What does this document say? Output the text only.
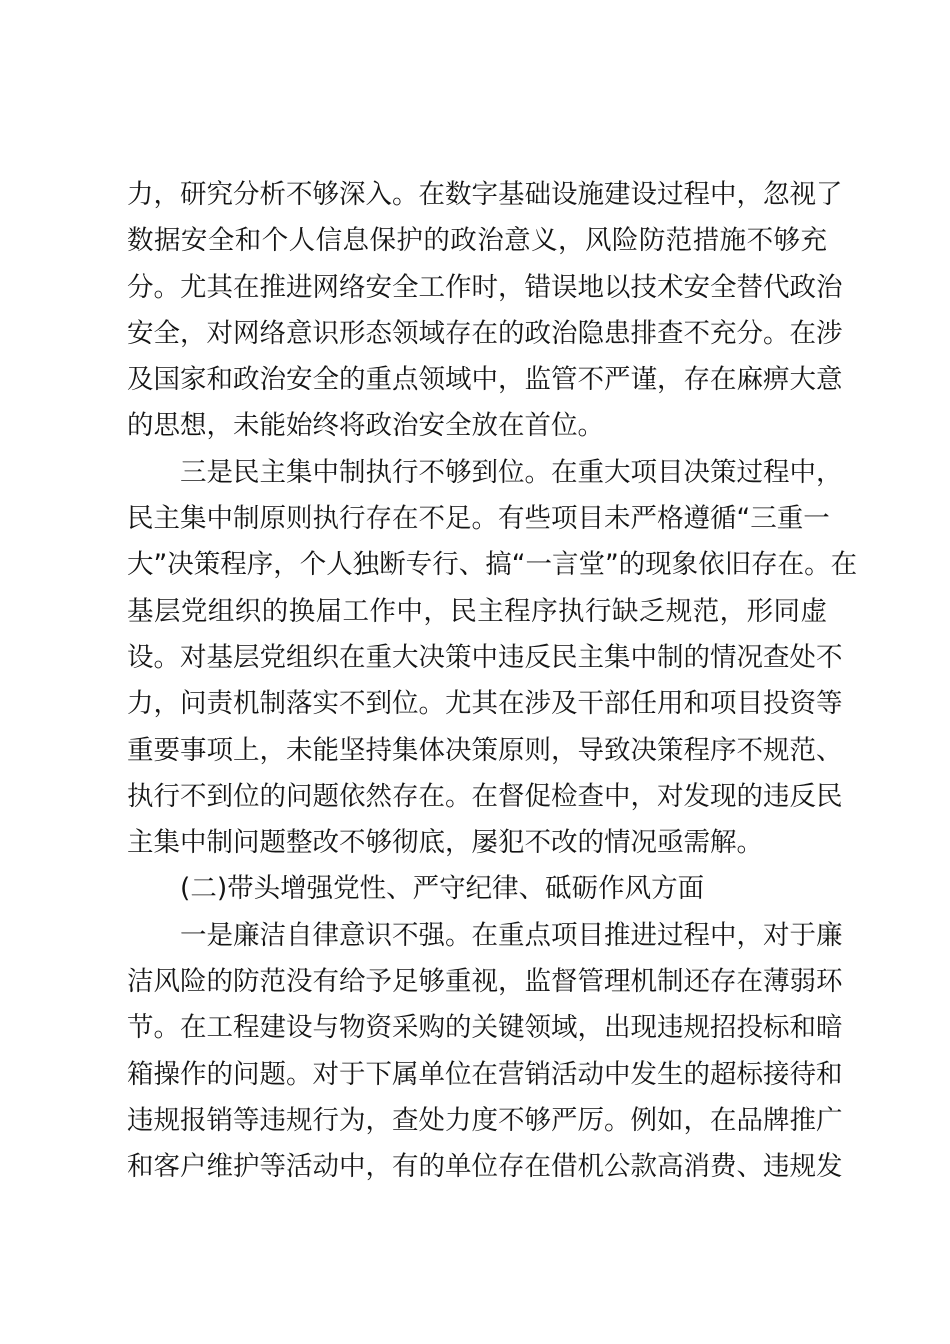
力，研究分析不够深入。在数字基础设施建设过程中，忽视了
数据安全和个人信息保护的政治意义，风险防范措施不够充
分。尤其在推进网络安全工作时，错误地以技术安全替代政治
安全，对网络意识形态领域存在的政治隐患排查不充分。在涉
及国家和政治安全的重点领域中，监管不严谨，存在麻痹大意
的思想，未能始终将政治安全放在首位。
三是民主集中制执行不够到位。在重大项目决策过程中，
民主集中制原则执行存在不足。有些项目未严格遵循“三重一
大”决策程序，个人独断专行、搞“一言堂”的现象依旧存在。在
基层党组织的换届工作中，民主程序执行缺乏规范，形同虚
设。对基层党组织在重大决策中违反民主集中制的情况查处不
力，问责机制落实不到位。尤其在涉及干部任用和项目投资等
重要事项上，未能坚持集体决策原则，导致决策程序不规范、
执行不到位的问题依然存在。在督促检查中，对发现的违反民
主集中制问题整改不够彻底，屡犯不改的情况亟需解。
(二)带头增强党性、严守纪律、砥砺作风方面
一是廉洁自律意识不强。在重点项目推进过程中，对于廉
洁风险的防范没有给予足够重视，监督管理机制还存在薄弱环
节。在工程建设与物资采购的关键领域，出现违规招投标和暗
箱操作的问题。对于下属单位在营销活动中发生的超标接待和
违规报销等违规行为，查处力度不够严厉。例如，在品牌推广
和客户维护等活动中，有的单位存在借机公款高消费、违规发
